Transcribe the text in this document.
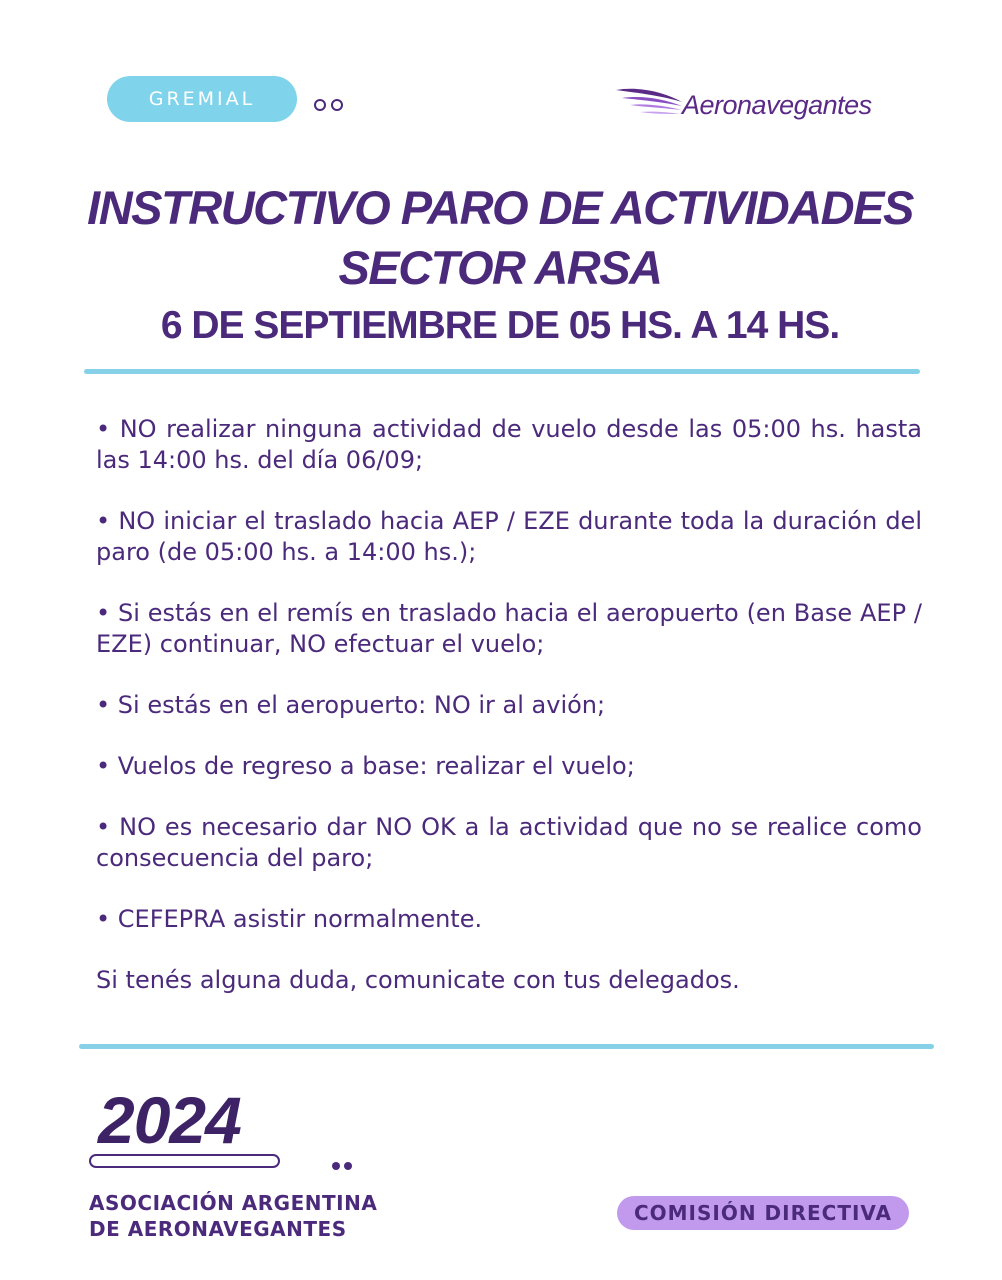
GREMIAL	Aeronavegantes
INSTRUCTIVO PARO DE ACTIVIDADES
SECTOR ARSA
6 DE SEPTIEMBRE DE 05 HS. A 14 HS.

• NO realizar ninguna actividad de vuelo desde las 05:00 hs. hasta las 14:00 hs. del día 06/09;

• NO iniciar el traslado hacia AEP / EZE durante toda la duración del paro (de 05:00 hs. a 14:00 hs.);

• Si estás en el remís en traslado hacia el aeropuerto (en Base AEP / EZE) continuar, NO efectuar el vuelo;

• Si estás en el aeropuerto: NO ir al avión;

• Vuelos de regreso a base: realizar el vuelo;

• NO es necesario dar NO OK a la actividad que no se realice como consecuencia del paro;

• CEFEPRA asistir normalmente.

Si tenés alguna duda, comunicate con tus delegados.

2024
ASOCIACIÓN ARGENTINA
DE AERONAVEGANTES
COMISIÓN DIRECTIVA
